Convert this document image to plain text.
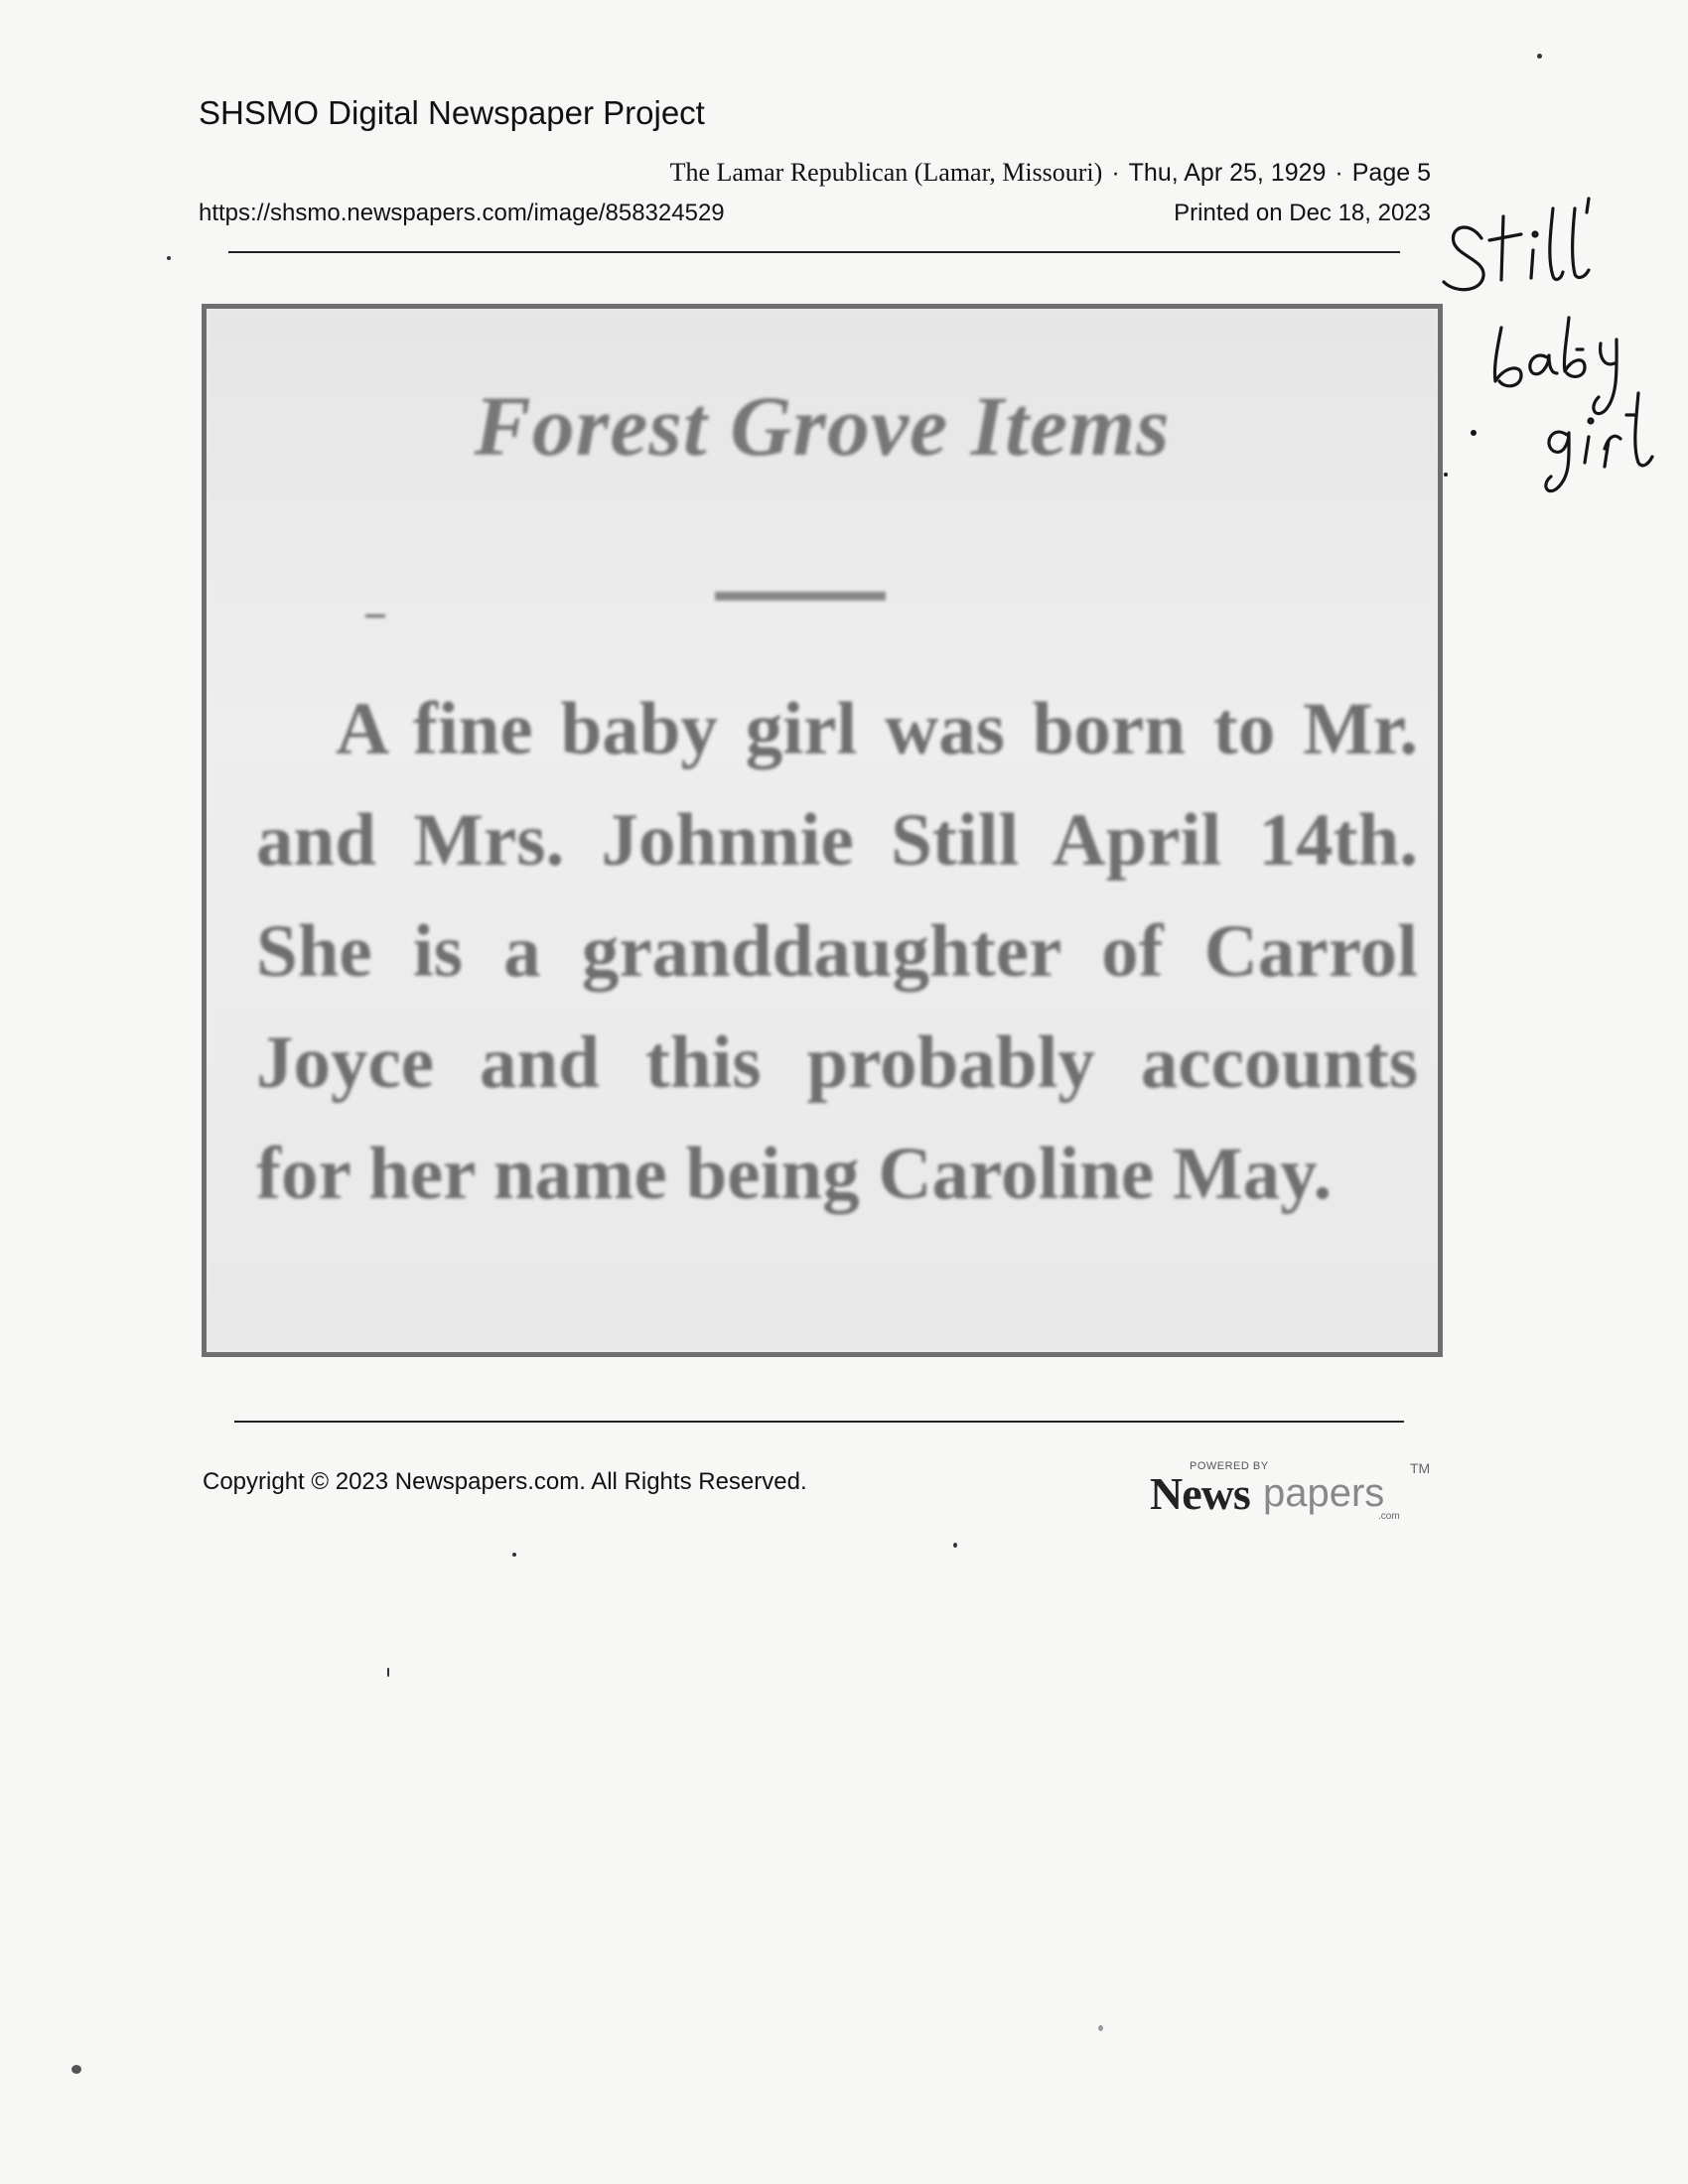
SHSMO Digital Newspaper Project
The Lamar Republican (Lamar, Missouri) · Thu, Apr 25, 1929 · Page 5
https://shsmo.newspapers.com/image/858324529	Printed on Dec 18, 2023
Forest Grove Items
A fine baby girl was born to Mr. and Mrs. Johnnie Still April 14th. She is a granddaughter of Carrol Joyce and this probably accounts for her name being Caroline May.
Copyright © 2023 Newspapers.com. All Rights Reserved.
POWERED BY
News papers
TM
.com
